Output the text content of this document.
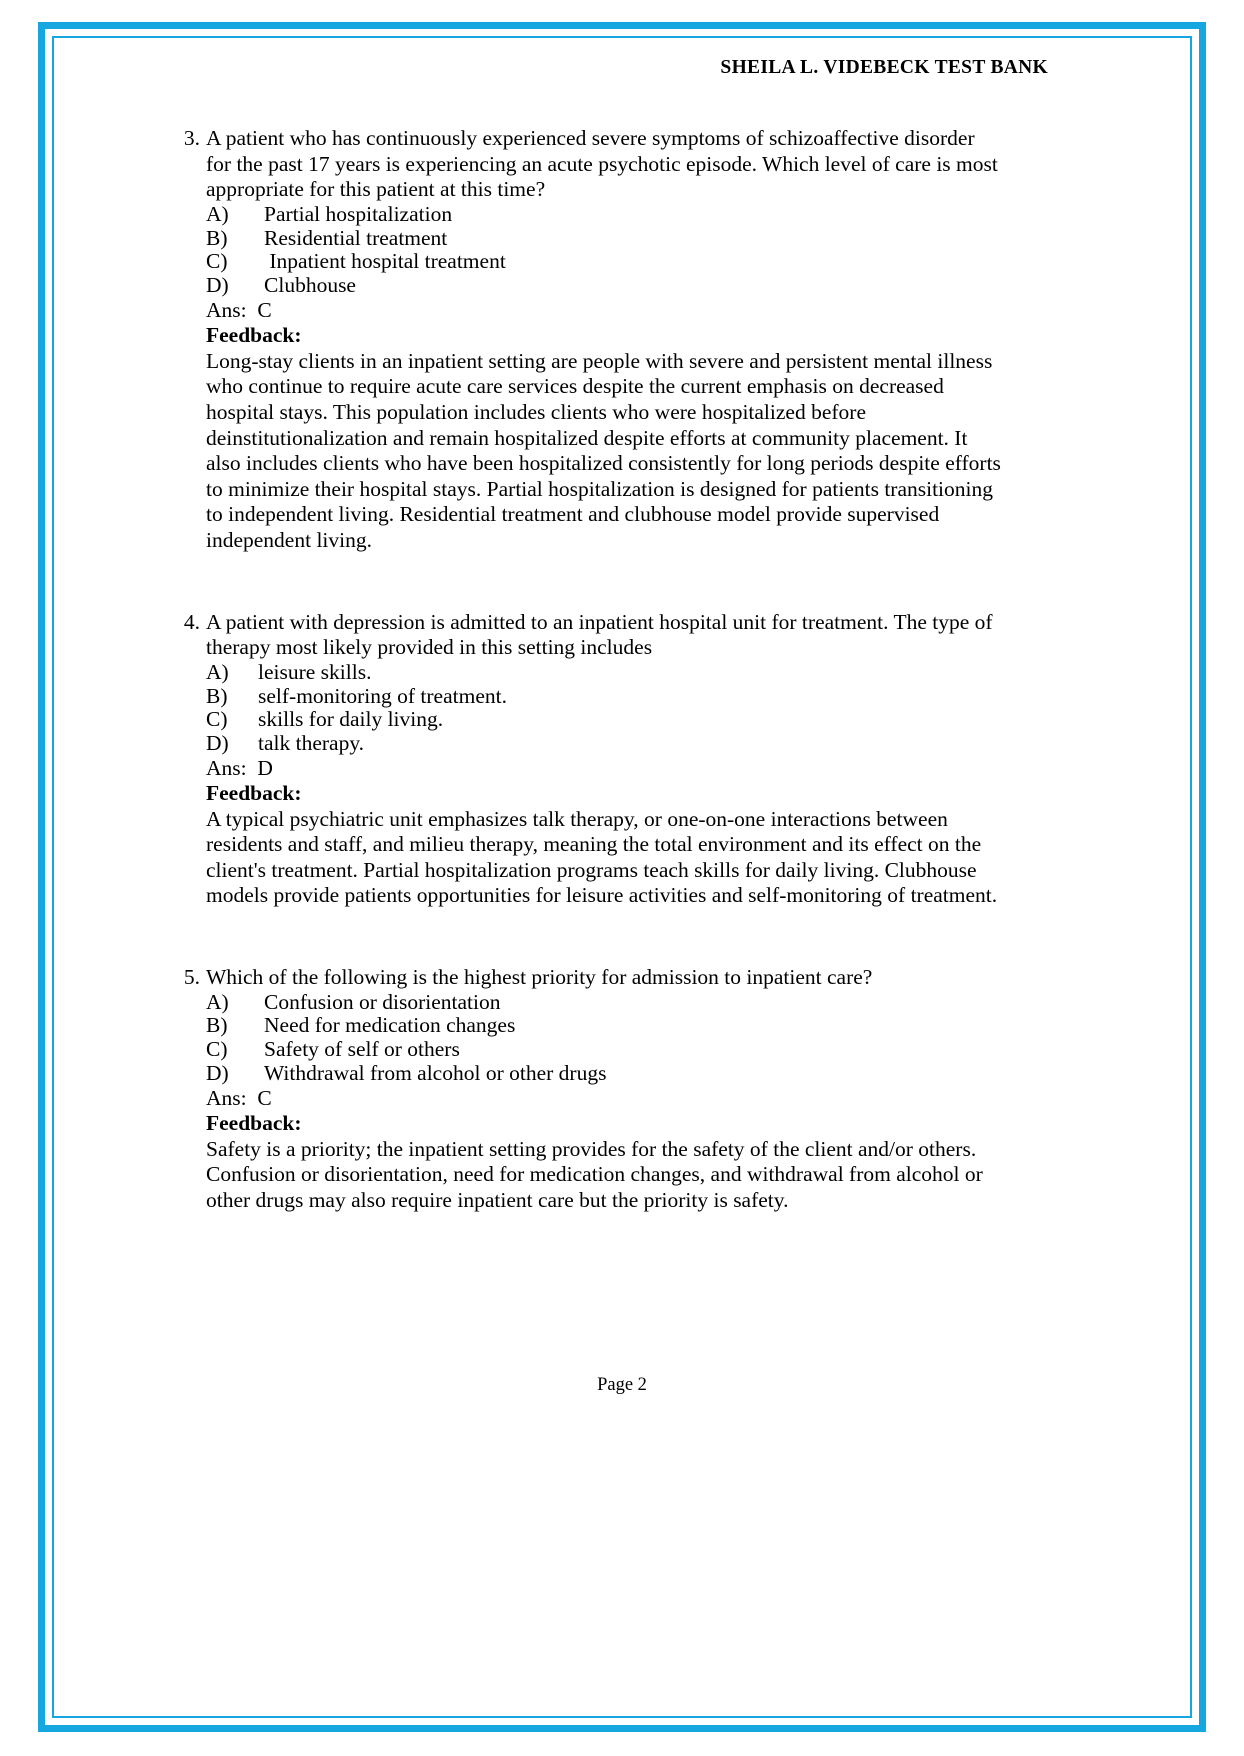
SHEILA L. VIDEBECK TEST BANK
3. A patient who has continuously experienced severe symptoms of schizoaffective disorder for the past 17 years is experiencing an acute psychotic episode. Which level of care is most appropriate for this patient at this time?
A)	Partial hospitalization
B)	Residential treatment
C)	Inpatient hospital treatment
D)	Clubhouse
Ans:  C
Feedback:
Long-stay clients in an inpatient setting are people with severe and persistent mental illness who continue to require acute care services despite the current emphasis on decreased hospital stays. This population includes clients who were hospitalized before deinstitutionalization and remain hospitalized despite efforts at community placement. It also includes clients who have been hospitalized consistently for long periods despite efforts to minimize their hospital stays. Partial hospitalization is designed for patients transitioning to independent living. Residential treatment and clubhouse model provide supervised independent living.
4. A patient with depression is admitted to an inpatient hospital unit for treatment. The type of therapy most likely provided in this setting includes
A)	leisure skills.
B)	self-monitoring of treatment.
C)	skills for daily living.
D)	talk therapy.
Ans:  D
Feedback:
A typical psychiatric unit emphasizes talk therapy, or one-on-one interactions between residents and staff, and milieu therapy, meaning the total environment and its effect on the client's treatment. Partial hospitalization programs teach skills for daily living. Clubhouse models provide patients opportunities for leisure activities and self-monitoring of treatment.
5. Which of the following is the highest priority for admission to inpatient care?
A)	Confusion or disorientation
B)	Need for medication changes
C)	Safety of self or others
D)	Withdrawal from alcohol or other drugs
Ans:  C
Feedback:
Safety is a priority; the inpatient setting provides for the safety of the client and/or others. Confusion or disorientation, need for medication changes, and withdrawal from alcohol or other drugs may also require inpatient care but the priority is safety.
Page 2
